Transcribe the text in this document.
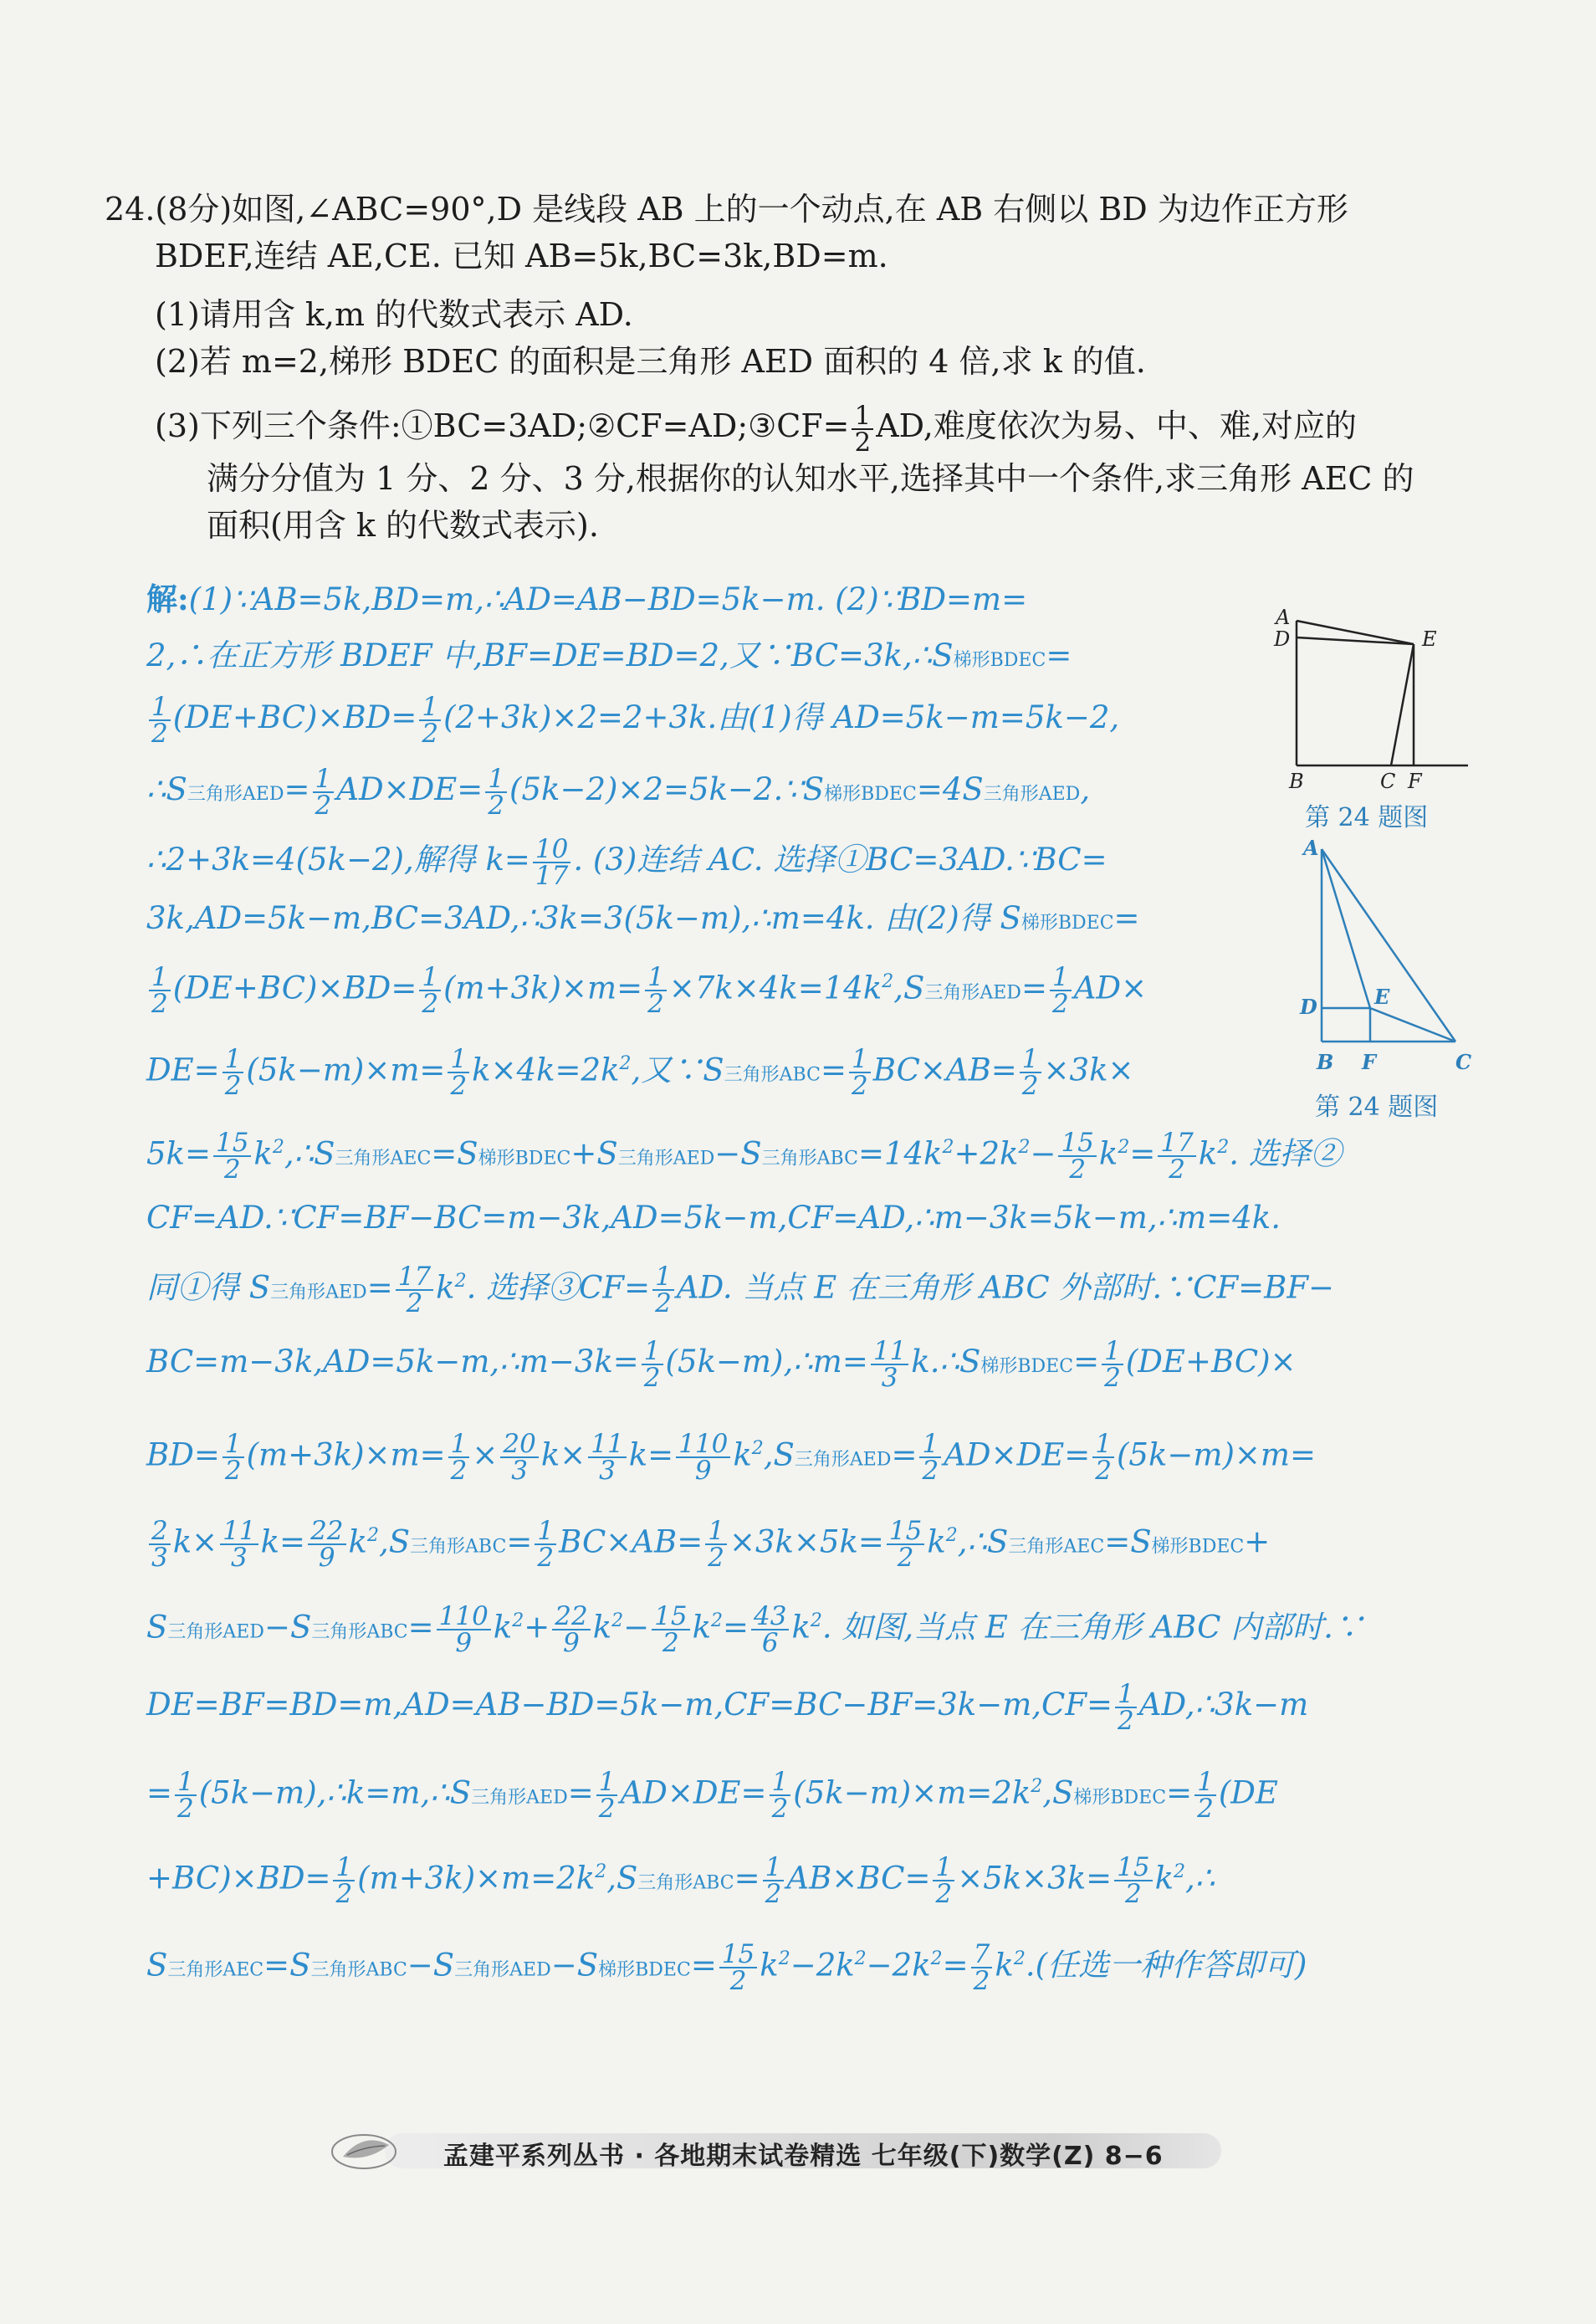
24.(8分)如图,∠ABC=90°,D 是线段 AB 上的一个动点,在 AB 右侧以 BD 为边作正方形
BDEF,连结 AE,CE. 已知 AB=5k,BC=3k,BD=m.
(1)请用含 k,m 的代数式表示 AD.
(2)若 m=2,梯形 BDEC 的面积是三角形 AED 面积的 4 倍,求 k 的值.
(3)下列三个条件:①BC=3AD;②CF=AD;③CF= $\frac{1}{2}$ AD,难度依次为易、中、难,对应的
满分分值为 1 分、2 分、3 分,根据你的认知水平,选择其中一个条件,求三角形 AEC 的
面积(用含 k 的代数式表示).
解:(1)∵AB=5k,BD=m,∴AD=AB−BD=5k−m. (2)∵BD=m=
2,∴在正方形 BDEF 中,BF=DE=BD=2,又∵BC=3k,∴S梯形BDEC=
$\frac{1}{2} (DE+BC)\times BD= \frac{1}{2} (2+3k)\times 2=2+3k$.由(1)得 AD=5k−m=5k−2,
∴S三角形$AED= \frac{1}{2} AD\times DE= \frac{1}{2}$ (5k−2)×2=5k−2.∵S梯形BDEC=4S三角形AED,
∴2+3k=4(5k−2),解得 $k= \frac{10}{17}$ . (3)连结 AC. 选择①BC=3AD.∵BC=
3k,AD=5k−m,BC=3AD,∴3k=3(5k−m),∴m=4k. 由(2)得 S梯形BDEC=
$\frac{1}{2} (DE+BC)\times BD= \frac{1}{2} (m+3k)\times m= \frac{1}{2} \times 7k\times 4k=14k^2,S$三角形$AED= \frac{1}{2} AD\times$
$DE= \frac{1}{2} (5k-m)\times m= \frac{1}{2} k\times 4k=2k^2$,又∵S三角形$ABC= \frac{1}{2} BC\times AB= \frac{1}{2} \times 3k\times$
$5k= \frac{15}{2}$ $k^2,\therefore S$三角形AEC=S梯形BDEC+S三角形AED−S三角形$ABC=14k^2+2k^2- \frac{15}{2} k^2= \frac{17}{2} k^2$. 选择②
CF=AD.∵CF=BF−BC=m−3k,AD=5k−m,CF=AD,∴m−3k=5k−m,∴m=4k.
同①得 S三角形$AED= \frac{17}{2} k^2$. 选择③CF= $\frac{1}{2}$ AD. 当点 E 在三角形 ABC 外部时.∵CF=BF−
BC=m−3k,AD=5k−m,∴m−3k= $\frac{1}{2}$ (5k−m),∴m= $\frac{11}{3}$ k.∴S梯形BDEC= $\frac{1}{2} (DE+BC)\times$
$BD= \frac{1}{2} (m+3k)\times m= \frac{1}{2} \times \frac{20}{3} k\times \frac{11}{3} k= \frac{110}{9} k^2,S$三角形$AED= \frac{1}{2} AD\times DE= \frac{1}{2} (5k-m)\times m=$
$\frac{2}{3} k\times \frac{11}{3} k= \frac{22}{9} k^2,S$三角形$ABC= \frac{1}{2} BC\times AB= \frac{1}{2} \times 3k\times 5k= \frac{15}{2}$ $k^2,\therefore S$三角形AEC=S梯形BDEC+
S三角形AED−S三角形$ABC= \frac{110}{9} k^2+ \frac{22}{9} k^2- \frac{15}{2} k^2= \frac{43}{6} k^2$. 如图,当点 E 在三角形 ABC 内部时.∵
$DE=BF=BD=m,AD=AB-BD=5k-m,CF=BC-BF=3k-m,CF= \frac{1}{2}$ AD,∴3k−m
= $\frac{1}{2}$ (5k−m),∴k=m,∴S三角形$AED= \frac{1}{2} AD\times DE= \frac{1}{2} (5k-m)\times m=2k^2,S$梯形BDEC= $\frac{1}{2} (DE$
$+BC)\times BD= \frac{1}{2} (m+3k)\times m=2k^2,S$三角形$ABC= \frac{1}{2} AB\times BC= \frac{1}{2} \times 5k\times 3k= \frac{15}{2}$ $k^2,\therefore$
S三角形AEC=S三角形ABC−S三角形AED−S梯形BDEC= $\frac{15}{2} k^2-2k^2-2k^2= \frac{7}{2} k^2$.(任选一种作答即可)
A
D	E
B	C F
第 24 题图
A
D	E
B F	C
第 24 题图
孟建平系列丛书 · 各地期末试卷精选 七年级(下)数学(Z) 8−6
